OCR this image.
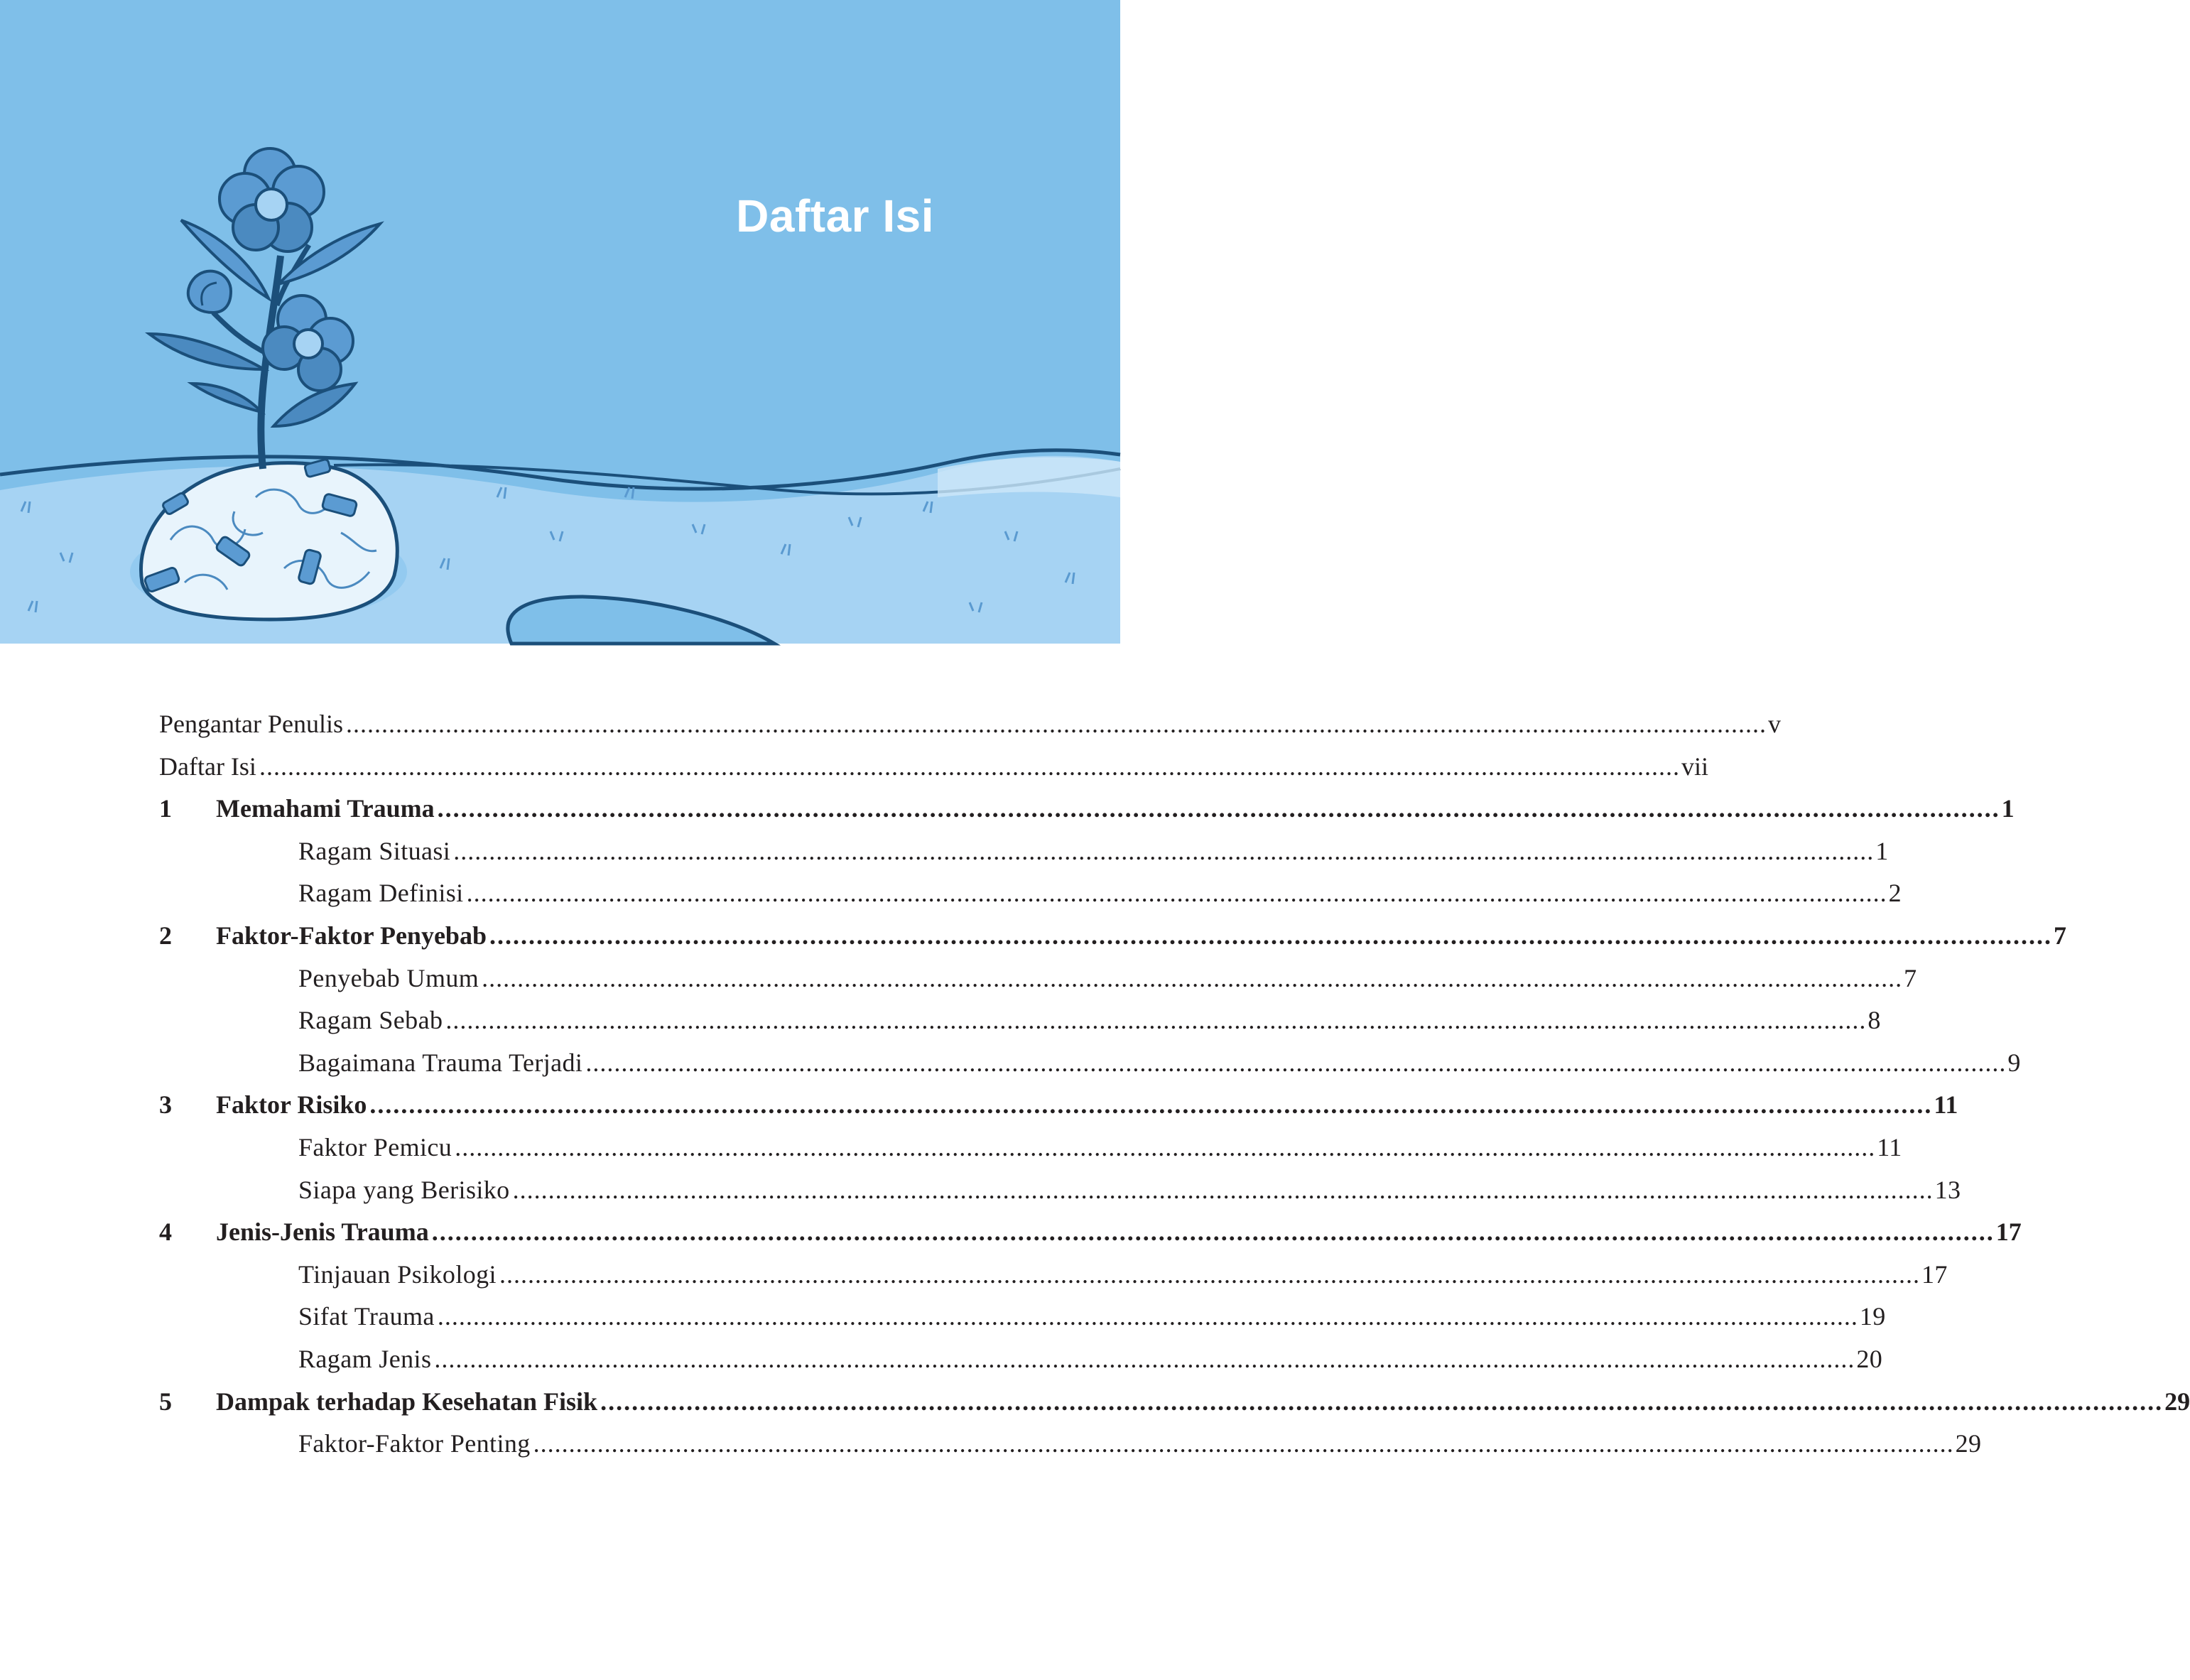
Daftar Isi
Pengantar Penulis ........................................................................................................................................................................................................ v
Daftar Isi ........................................................................................................................................................................................................ vii
1	Memahami Trauma ........................................................................................................................................................................................................ 1
Ragam Situasi ........................................................................................................................................................................................................ 1
Ragam Definisi ........................................................................................................................................................................................................ 2
2	Faktor-Faktor Penyebab ........................................................................................................................................................................................................ 7
Penyebab Umum ........................................................................................................................................................................................................ 7
Ragam Sebab ........................................................................................................................................................................................................ 8
Bagaimana Trauma Terjadi ........................................................................................................................................................................................................ 9
3	Faktor Risiko ........................................................................................................................................................................................................ 11
Faktor Pemicu ........................................................................................................................................................................................................ 11
Siapa yang Berisiko ........................................................................................................................................................................................................ 13
4	Jenis-Jenis Trauma ........................................................................................................................................................................................................ 17
Tinjauan Psikologi ........................................................................................................................................................................................................ 17
Sifat Trauma ........................................................................................................................................................................................................ 19
Ragam Jenis ........................................................................................................................................................................................................ 20
5	Dampak terhadap Kesehatan Fisik ........................................................................................................................................................................................................ 29
Faktor-Faktor Penting ........................................................................................................................................................................................................ 29
